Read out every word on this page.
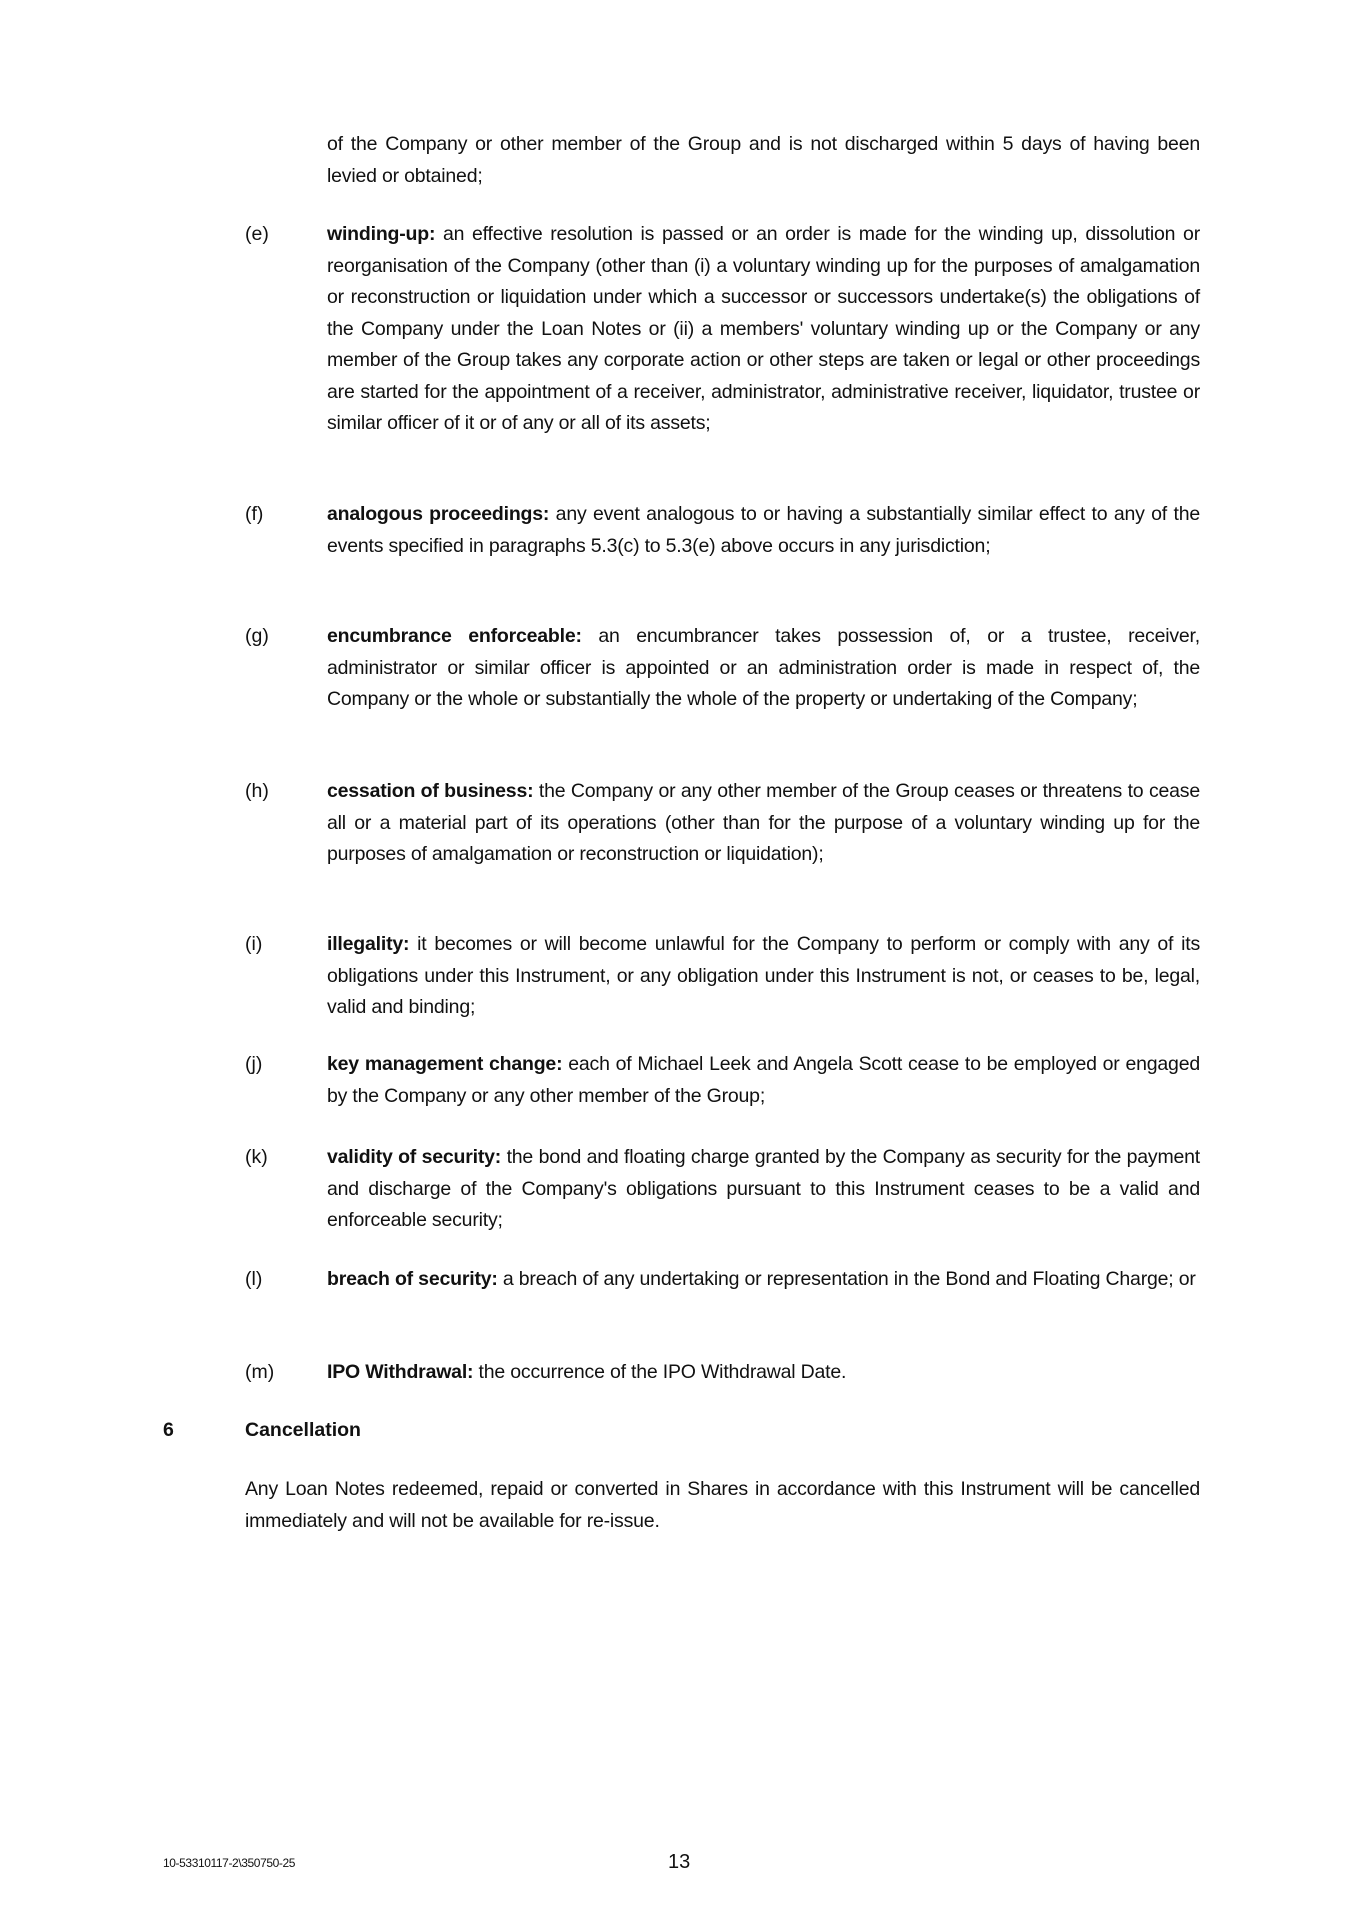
of the Company or other member of the Group and is not discharged within 5 days of having been levied or obtained;
(e)	winding-up: an effective resolution is passed or an order is made for the winding up, dissolution or reorganisation of the Company (other than (i) a voluntary winding up for the purposes of amalgamation or reconstruction or liquidation under which a successor or successors undertake(s) the obligations of the Company under the Loan Notes or (ii) a members' voluntary winding up or the Company or any member of the Group takes any corporate action or other steps are taken or legal or other proceedings are started for the appointment of a receiver, administrator, administrative receiver, liquidator, trustee or similar officer of it or of any or all of its assets;
(f)	analogous proceedings: any event analogous to or having a substantially similar effect to any of the events specified in paragraphs 5.3(c) to 5.3(e) above occurs in any jurisdiction;
(g)	encumbrance enforceable: an encumbrancer takes possession of, or a trustee, receiver, administrator or similar officer is appointed or an administration order is made in respect of, the Company or the whole or substantially the whole of the property or undertaking of the Company;
(h)	cessation of business: the Company or any other member of the Group ceases or threatens to cease all or a material part of its operations (other than for the purpose of a voluntary winding up for the purposes of amalgamation or reconstruction or liquidation);
(i)	illegality: it becomes or will become unlawful for the Company to perform or comply with any of its obligations under this Instrument, or any obligation under this Instrument is not, or ceases to be, legal, valid and binding;
(j)	key management change: each of Michael Leek and Angela Scott cease to be employed or engaged by the Company or any other member of the Group;
(k)	validity of security: the bond and floating charge granted by the Company as security for the payment and discharge of the Company's obligations pursuant to this Instrument ceases to be a valid and enforceable security;
(l)	breach of security: a breach of any undertaking or representation in the Bond and Floating Charge; or
(m)	IPO Withdrawal: the occurrence of the IPO Withdrawal Date.
6	Cancellation
Any Loan Notes redeemed, repaid or converted in Shares in accordance with this Instrument will be cancelled immediately and will not be available for re-issue.
10-53310117-2\350750-25	13
